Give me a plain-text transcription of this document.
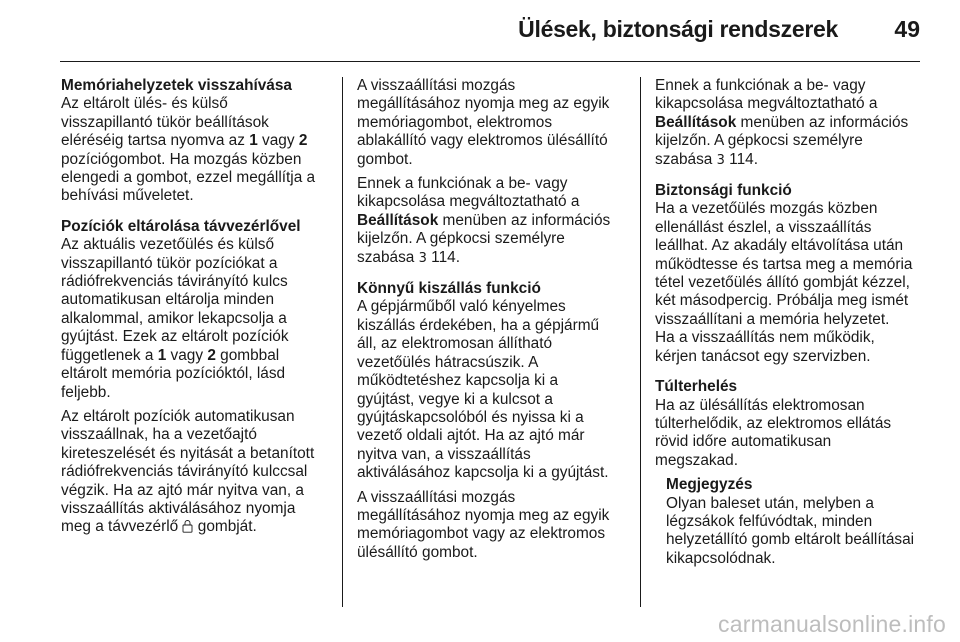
Ülések, biztonsági rendszerek 49
Memóriahelyzetek visszahívása
Az eltárolt ülés- és külső
visszapillantó tükör beállítások
eléréséig tartsa nyomva az 1 vagy 2
pozíciógombot. Ha mozgás közben
elengedi a gombot, ezzel megállítja a
behívási műveletet.
Pozíciók eltárolása távvezérlővel
Az aktuális vezetőülés és külső
visszapillantó tükör pozíciókat a
rádiófrekvenciás távirányító kulcs
automatikusan eltárolja minden
alkalommal, amikor lekapcsolja a
gyújtást. Ezek az eltárolt pozíciók
függetlenek a 1 vagy 2 gombbal
eltárolt memória pozícióktól, lásd
feljebb.
Az eltárolt pozíciók automatikusan
visszaállnak, ha a vezetőajtó
kireteszelését és nyitását a betanított
rádiófrekvenciás távirányító kulccsal
végzik. Ha az ajtó már nyitva van, a
visszaállítás aktiválásához nyomja
meg a távvezérlő  gombját.
A visszaállítási mozgás
megállításához nyomja meg az egyik
memóriagombot, elektromos
ablakállító vagy elektromos ülésállító
gombot.
Ennek a funkciónak a be- vagy
kikapcsolása megváltoztatható a
Beállítások menüben az információs
kijelzőn. A gépkocsi személyre
szabása 3 114.
Könnyű kiszállás funkció
A gépjárműből való kényelmes
kiszállás érdekében, ha a gépjármű
áll, az elektromosan állítható
vezetőülés hátracsúszik. A
működtetéshez kapcsolja ki a
gyújtást, vegye ki a kulcsot a
gyújtáskapcsolóból és nyissa ki a
vezető oldali ajtót. Ha az ajtó már
nyitva van, a visszaállítás
aktiválásához kapcsolja ki a gyújtást.
A visszaállítási mozgás
megállításához nyomja meg az egyik
memóriagombot vagy az elektromos
ülésállító gombot.
Ennek a funkciónak a be- vagy
kikapcsolása megváltoztatható a
Beállítások menüben az információs
kijelzőn. A gépkocsi személyre
szabása 3 114.
Biztonsági funkció
Ha a vezetőülés mozgás közben
ellenállást észlel, a visszaállítás
leállhat. Az akadály eltávolítása után
működtesse és tartsa meg a memória
tétel vezetőülés állító gombját kézzel,
két másodpercig. Próbálja meg ismét
visszaállítani a memória helyzetet.
Ha a visszaállítás nem működik,
kérjen tanácsot egy szervizben.
Túlterhelés
Ha az ülésállítás elektromosan
túlterhelődik, az elektromos ellátás
rövid időre automatikusan
megszakad.
Megjegyzés
Olyan baleset után, melyben a
légzsákok felfúvódtak, minden
helyzetállító gomb eltárolt beállításai
kikapcsolódnak.
carmanualsonline.info
